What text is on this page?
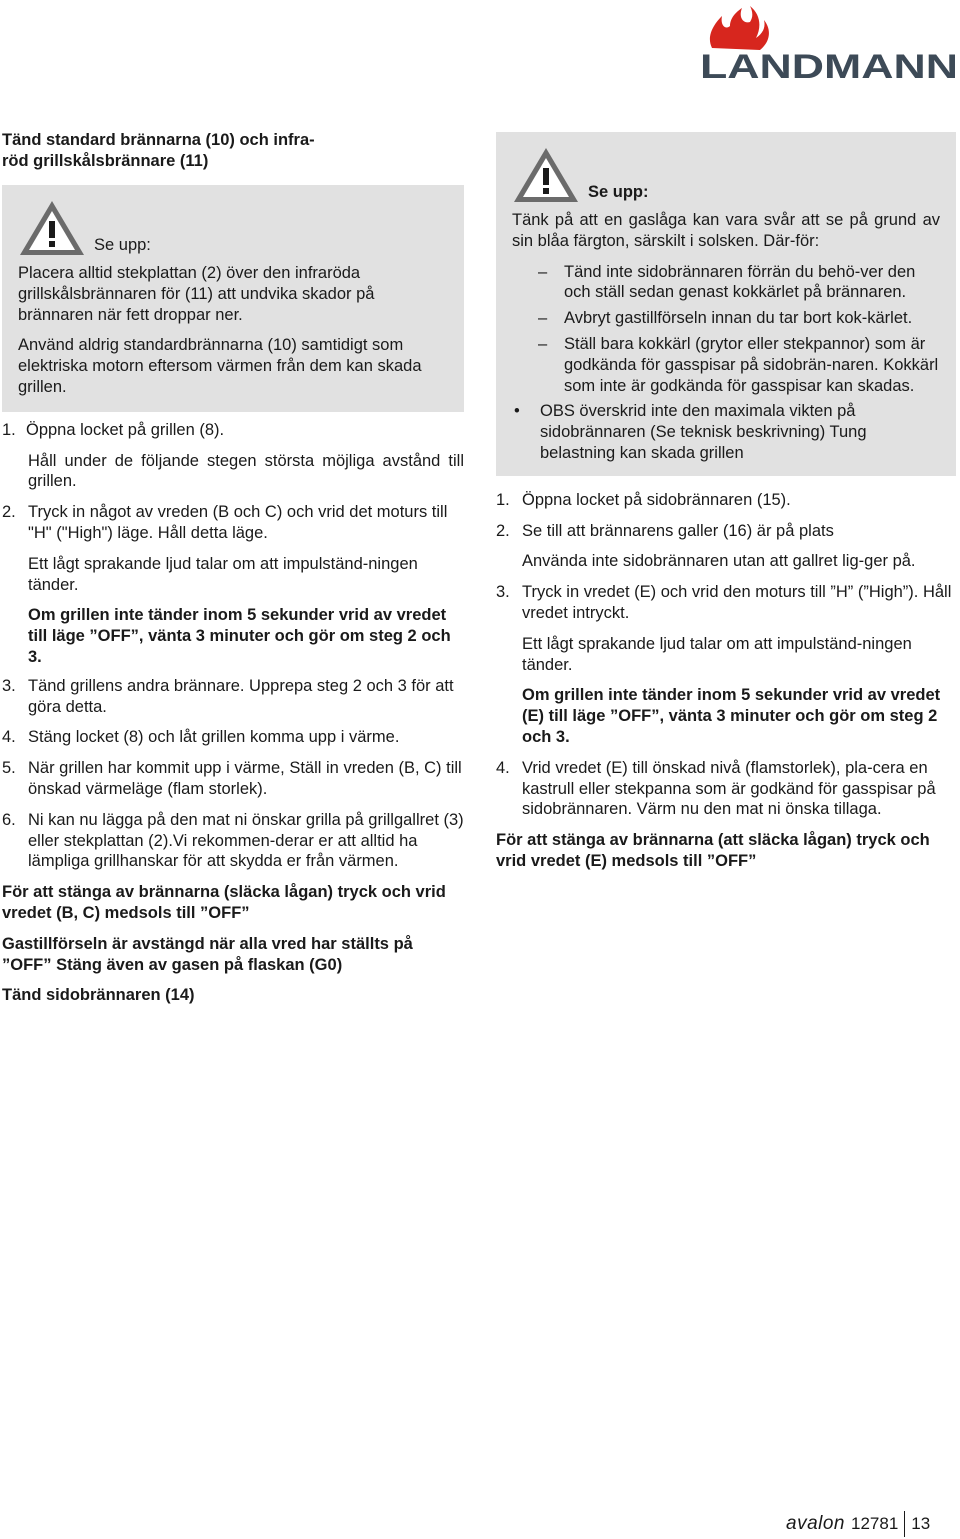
LANDMANN

Tänd standard brännarna (10) och infra-
röd grillskålsbrännare (11)

Se upp:

Placera alltid stekplattan (2) över den infraröda grillskålsbrännaren för (11) att undvika skador på brännaren när fett droppar ner.

Använd aldrig standardbrännarna (10) samtidigt som elektriska motorn eftersom värmen från dem kan skada grillen.

1. Öppna locket på grillen (8).

Håll under de följande stegen största möjliga avstånd till grillen.

2. Tryck in något av vreden (B och C) och vrid det moturs till "H" ("High") läge. Håll detta läge.

Ett lågt sprakande ljud talar om att impulständ-ningen tänder.

Om grillen inte tänder inom 5 sekunder vrid av vredet till läge ”OFF”, vänta 3 minuter och gör om steg 2 och 3.

3. Tänd grillens andra brännare. Upprepa steg 2 och 3 för att göra detta.
4. Stäng locket (8) och låt grillen komma upp i värme.
5. När grillen har kommit upp i värme, Ställ in vreden (B, C) till önskad värmeläge (flam storlek).
6. Ni kan nu lägga på den mat ni önskar grilla på grillgallret (3) eller stekplattan (2).Vi rekommen-derar er att alltid ha lämpliga grillhanskar för att skydda er från värmen.

För att stänga av brännarna (släcka lågan) tryck och vrid vredet (B, C) medsols till ”OFF”

Gastillförseln är avstängd när alla vred har ställts på ”OFF” Stäng även av gasen på flaskan (G0)

Tänd sidobrännaren (14)

Se upp:

Tänk på att en gaslåga kan vara svår att se på grund av sin blåa färgton, särskilt i solsken. Där-för:

–	Tänd inte sidobrännaren förrän du behö-ver den och ställ sedan genast kokkärlet på brännaren.
–	Avbryt gastillförseln innan du tar bort kok-kärlet.
–	Ställ bara kokkärl (grytor eller stekpannor) som är godkända för gasspisar på sidobrän-naren. Kokkärl som inte är godkända för gasspisar kan skadas.
•	OBS överskrid inte den maximala vikten på sidobrännaren (Se teknisk beskrivning) Tung belastning kan skada grillen
1. Öppna locket på sidobrännaren (15).
2. Se till att brännarens galler (16) är på plats

Använda inte sidobrännaren utan att gallret lig-ger på.

3. Tryck in vredet (E) och vrid den moturs till ”H” (”High”). Håll vredet intryckt.

Ett lågt sprakande ljud talar om att impulständ-ningen tänder.

Om grillen inte tänder inom 5 sekunder vrid av vredet (E) till läge ”OFF”, vänta 3 minuter och gör om steg 2 och 3.

4. Vrid vredet (E) till önskad nivå (flamstorlek), pla-cera en kastrull eller stekpanna som är godkänd för gasspisar på sidobrännaren. Värm nu den mat ni önska tillaga.

För att stänga av brännarna (att släcka lågan) tryck och vrid vredet (E) medsols till ”OFF”

avalon 12781 13
